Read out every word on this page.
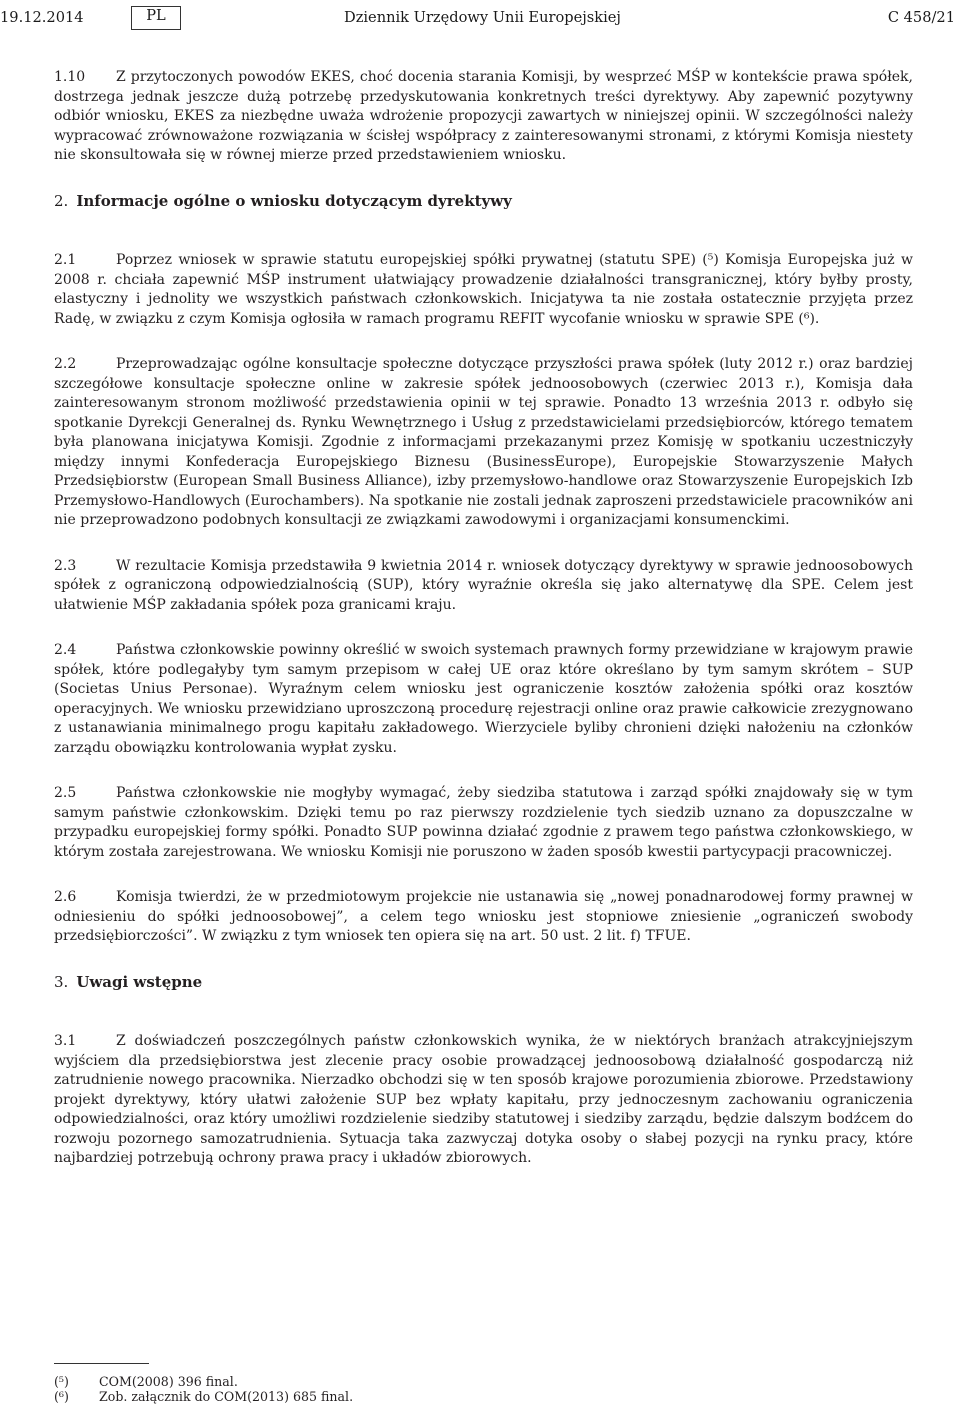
19.12.2014	PL	Dziennik Urzędowy Unii Europejskiej	C 458/21
1.10 Z przytoczonych powodów EKES, choć docenia starania Komisji, by wesprzeć MŚP w kontekście prawa spółek, dostrzega jednak jeszcze dużą potrzebę przedyskutowania konkretnych treści dyrektywy. Aby zapewnić pozytywny odbiór wniosku, EKES za niezbędne uważa wdrożenie propozycji zawartych w niniejszej opinii. W szczególności należy wypracować zrównoważone rozwiązania w ścisłej współpracy z zainteresowanymi stronami, z którymi Komisja niestety nie skonsultowała się w równej mierze przed przedstawieniem wniosku.
2. Informacje ogólne o wniosku dotyczącym dyrektywy
2.1	Poprzez wniosek w sprawie statutu europejskiej spółki prywatnej (statutu SPE) (⁵) Komisja Europejska już w 2008 r. chciała zapewnić MŚP instrument ułatwiający prowadzenie działalności transgranicznej, który byłby prosty, elastyczny i jednolity we wszystkich państwach członkowskich. Inicjatywa ta nie została ostatecznie przyjęta przez Radę, w związku z czym Komisja ogłosiła w ramach programu REFIT wycofanie wniosku w sprawie SPE (⁶).
2.2	Przeprowadzając ogólne konsultacje społeczne dotyczące przyszłości prawa spółek (luty 2012 r.) oraz bardziej szczegółowe konsultacje społeczne online w zakresie spółek jednoosobowych (czerwiec 2013 r.), Komisja dała zainteresowanym stronom możliwość przedstawienia opinii w tej sprawie. Ponadto 13 września 2013 r. odbyło się spotkanie Dyrekcji Generalnej ds. Rynku Wewnętrznego i Usług z przedstawicielami przedsiębiorców, którego tematem była planowana inicjatywa Komisji. Zgodnie z informacjami przekazanymi przez Komisję w spotkaniu uczestniczyły między innymi Konfederacja Europejskiego Biznesu (BusinessEurope), Europejskie Stowarzyszenie Małych Przedsiębiorstw (European Small Business Alliance), izby przemysłowo-handlowe oraz Stowarzyszenie Europejskich Izb Przemysłowo-Handlowych (Eurochambers). Na spotkanie nie zostali jednak zaproszeni przedstawiciele pracowników ani nie przeprowadzono podobnych konsultacji ze związkami zawodowymi i organizacjami konsumenckimi.
2.3	W rezultacie Komisja przedstawiła 9 kwietnia 2014 r. wniosek dotyczący dyrektywy w sprawie jednoosobowych spółek z ograniczoną odpowiedzialnością (SUP), który wyraźnie określa się jako alternatywę dla SPE. Celem jest ułatwienie MŚP zakładania spółek poza granicami kraju.
2.4	Państwa członkowskie powinny określić w swoich systemach prawnych formy przewidziane w krajowym prawie spółek, które podlegałyby tym samym przepisom w całej UE oraz które określano by tym samym skrótem – SUP (Societas Unius Personae). Wyraźnym celem wniosku jest ograniczenie kosztów założenia spółki oraz kosztów operacyjnych. We wniosku przewidziano uproszczoną procedurę rejestracji online oraz prawie całkowicie zrezygnowano z ustanawiania minimalnego progu kapitału zakładowego. Wierzyciele byliby chronieni dzięki nałożeniu na członków zarządu obowiązku kontrolowania wypłat zysku.
2.5	Państwa członkowskie nie mogłyby wymagać, żeby siedziba statutowa i zarząd spółki znajdowały się w tym samym państwie członkowskim. Dzięki temu po raz pierwszy rozdzielenie tych siedzib uznano za dopuszczalne w przypadku europejskiej formy spółki. Ponadto SUP powinna działać zgodnie z prawem tego państwa członkowskiego, w którym została zarejestrowana. We wniosku Komisji nie poruszono w żaden sposób kwestii partycypacji pracowniczej.
2.6	Komisja twierdzi, że w przedmiotowym projekcie nie ustanawia się „nowej ponadnarodowej formy prawnej w odniesieniu do spółki jednoosobowej”, a celem tego wniosku jest stopniowe zniesienie „ograniczeń swobody przedsiębiorczości”. W związku z tym wniosek ten opiera się na art. 50 ust. 2 lit. f) TFUE.
3. Uwagi wstępne
3.1	Z doświadczeń poszczególnych państw członkowskich wynika, że w niektórych branżach atrakcyjniejszym wyjściem dla przedsiębiorstwa jest zlecenie pracy osobie prowadzącej jednoosobową działalność gospodarczą niż zatrudnienie nowego pracownika. Nierzadko obchodzi się w ten sposób krajowe porozumienia zbiorowe. Przedstawiony projekt dyrektywy, który ułatwi założenie SUP bez wpłaty kapitału, przy jednoczesnym zachowaniu ograniczenia odpowiedzialności, oraz który umożliwi rozdzielenie siedziby statutowej i siedziby zarządu, będzie dalszym bodźcem do rozwoju pozornego samozatrudnienia. Sytuacja taka zazwyczaj dotyka osoby o słabej pozycji na rynku pracy, które najbardziej potrzebują ochrony prawa pracy i układów zbiorowych.
(⁵)	COM(2008) 396 final.
(⁶)	Zob. załącznik do COM(2013) 685 final.
